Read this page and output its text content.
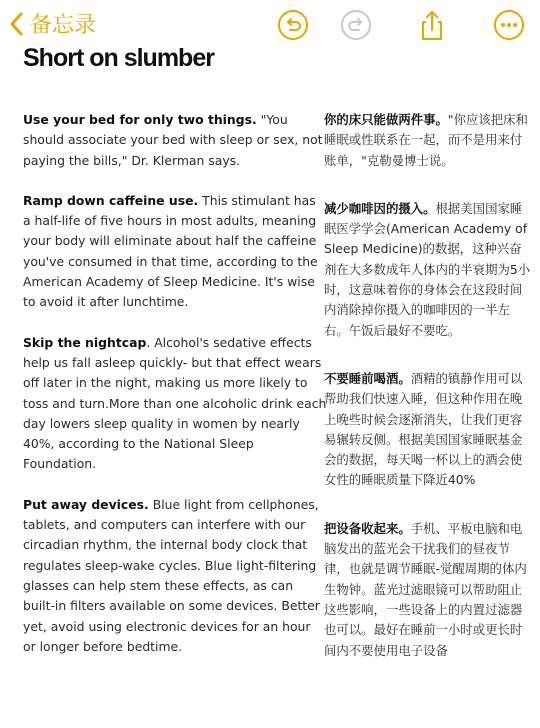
备忘录
Short on slumber

Use your bed for only two things. "You should associate your bed with sleep or sex, not paying the bills," Dr. Klerman says.

Ramp down caffeine use. This stimulant has a half-life of five hours in most adults, meaning your body will eliminate about half the caffeine you've consumed in that time, according to the American Academy of Sleep Medicine. It's wise to avoid it after lunchtime.

Skip the nightcap. Alcohol's sedative effects help us fall asleep quickly- but that effect wears off later in the night, making us more likely to toss and turn.More than one alcoholic drink each day lowers sleep quality in women by nearly 40%, according to the National Sleep Foundation.

Put away devices. Blue light from cellphones, tablets, and computers can interfere with our circadian rhythm, the internal body clock that regulates sleep-wake cycles. Blue light-filtering glasses can help stem these effects, as can built-in filters available on some devices. Better yet, avoid using electronic devices for an hour or longer before bedtime.

你的床只能做两件事。"你应该把床和睡眠或性联系在一起，而不是用来付账单，"克勒曼博士说。

减少咖啡因的摄入。根据美国国家睡眠医学学会(American Academy of Sleep Medicine)的数据，这种兴奋剂在大多数成年人体内的半衰期为5小时，这意味着你的身体会在这段时间内消除掉你摄入的咖啡因的一半左右。午饭后最好不要吃。

不要睡前喝酒。酒精的镇静作用可以帮助我们快速入睡，但这种作用在晚上晚些时候会逐渐消失，让我们更容易辗转反侧。根据美国国家睡眠基金会的数据，每天喝一杯以上的酒会使女性的睡眠质量下降近40%

把设备收起来。手机、平板电脑和电脑发出的蓝光会干扰我们的昼夜节律，也就是调节睡眠-觉醒周期的体内生物钟。蓝光过滤眼镜可以帮助阻止这些影响，一些设备上的内置过滤器也可以。最好在睡前一小时或更长时间内不要使用电子设备
